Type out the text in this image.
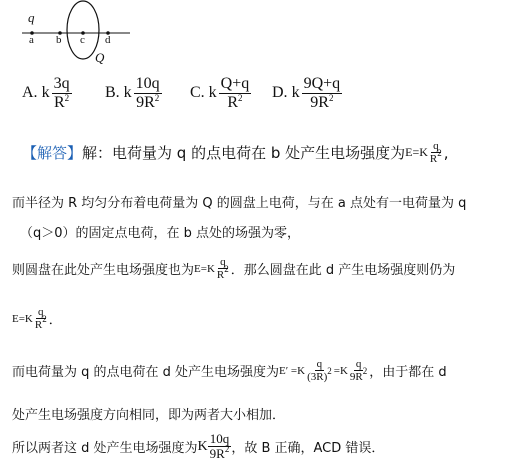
q
Q
a b c d
A.
k $\frac{3q}{R^2} B$.
k $\frac{10q}{9R^2} C$.
k $\frac{Q+q}{R^2} D$.
k $\frac{9Q+q}{9R^2}$
【解答】 解：电荷量为 q 的点电荷在 b 处产生电场强度为 $E=K \frac{q}{R^2}$ ,
而半径为 R 均匀分布着电荷量为 Q 的圆盘上电荷，与在 a 点处有一电荷量为 q
（q＞0）的固定点电荷，在 b 点处的场强为零，
则圆盘在此处产生电场强度也为 $E=K \frac{q}{R^2}$ ．那么圆盘在此 d 产生电场强度则仍为
$E=K \frac{q}{R^2}$ ．
而电荷量为 q 的点电荷在 d 处产生电场强度为 $E' =K \frac{q}{(3R)^2} =K \frac{q}{9R^2}$ ，由于都在 d
处产生电场强度方向相同，即为两者大小相加．
所以两者这 d 处产生电场强度为 K $\frac{10q}{9R^2}$ ，故 B 正确，ACD 错误．
